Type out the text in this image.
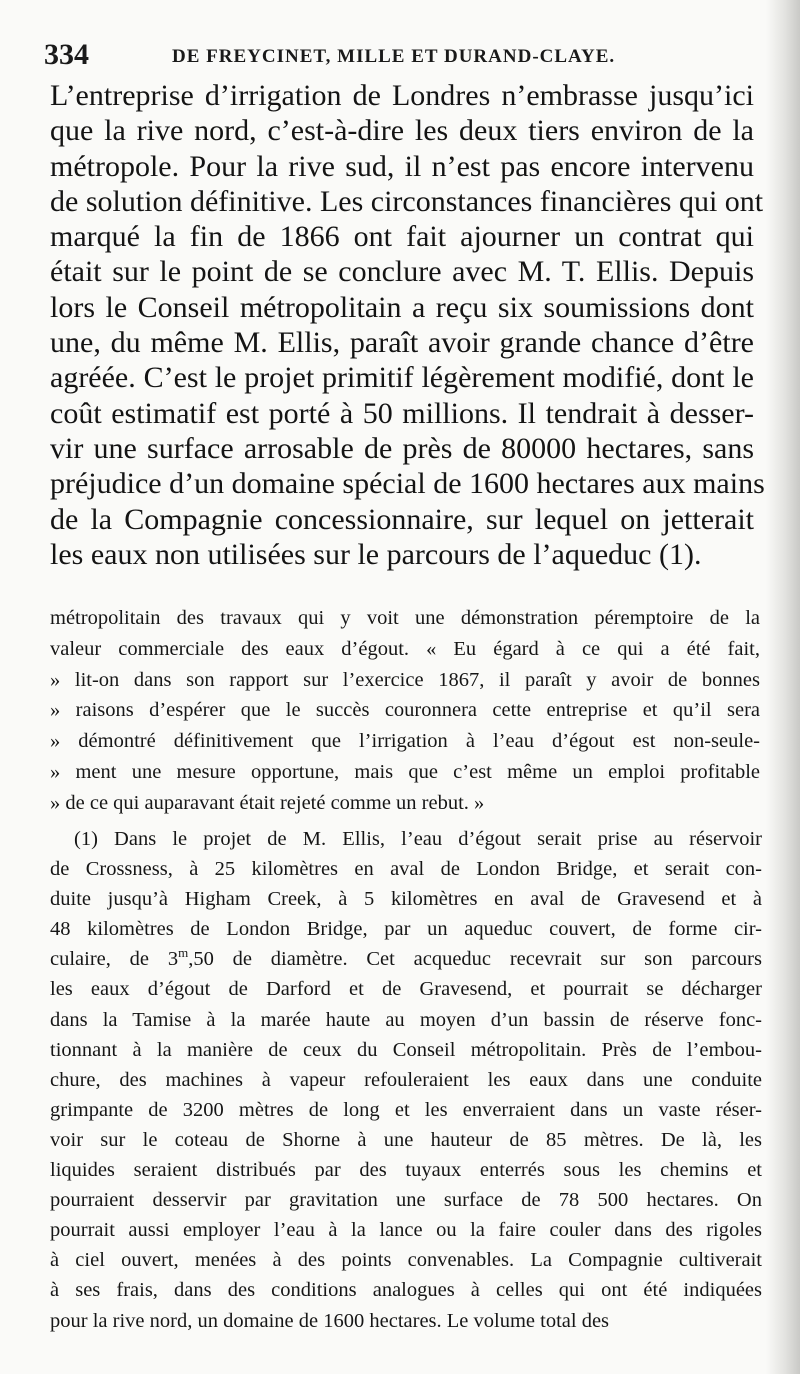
334	DE FREYCINET, MILLE ET DURAND-CLAYE.
L’entreprise d’irrigation de Londres n’embrasse jusqu’ici
que la rive nord, c’est-à-dire les deux tiers environ de la
métropole. Pour la rive sud, il n’est pas encore intervenu
de solution définitive. Les circonstances financières qui ont
marqué la fin de 1866 ont fait ajourner un contrat qui
était sur le point de se conclure avec M. T. Ellis. Depuis
lors le Conseil métropolitain a reçu six soumissions dont
une, du même M. Ellis, paraît avoir grande chance d’être
agréée. C’est le projet primitif légèrement modifié, dont le
coût estimatif est porté à 50 millions. Il tendrait à desser-
vir une surface arrosable de près de 80000 hectares, sans
préjudice d’un domaine spécial de 1600 hectares aux mains
de la Compagnie concessionnaire, sur lequel on jetterait
les eaux non utilisées sur le parcours de l’aqueduc (1).
métropolitain des travaux qui y voit une démonstration péremptoire de la
valeur commerciale des eaux d’égout. « Eu égard à ce qui a été fait,
» lit-on dans son rapport sur l’exercice 1867, il paraît y avoir de bonnes
» raisons d’espérer que le succès couronnera cette entreprise et qu’il sera
» démontré définitivement que l’irrigation à l’eau d’égout est non-seule-
» ment une mesure opportune, mais que c’est même un emploi profitable
» de ce qui auparavant était rejeté comme un rebut. »
(1) Dans le projet de M. Ellis, l’eau d’égout serait prise au réservoir
de Crossness, à 25 kilomètres en aval de London Bridge, et serait con-
duite jusqu’à Higham Creek, à 5 kilomètres en aval de Gravesend et à
48 kilomètres de London Bridge, par un aqueduc couvert, de forme cir-
culaire, de 3$^m$,50 de diamètre. Cet acqueduc recevrait sur son parcours
les eaux d’égout de Darford et de Gravesend, et pourrait se décharger
dans la Tamise à la marée haute au moyen d’un bassin de réserve fonc-
tionnant à la manière de ceux du Conseil métropolitain. Près de l’embou-
chure, des machines à vapeur refouleraient les eaux dans une conduite
grimpante de 3200 mètres de long et les enverraient dans un vaste réser-
voir sur le coteau de Shorne à une hauteur de 85 mètres. De là, les
liquides seraient distribués par des tuyaux enterrés sous les chemins et
pourraient desservir par gravitation une surface de 78 500 hectares. On
pourrait aussi employer l’eau à la lance ou la faire couler dans des rigoles
à ciel ouvert, menées à des points convenables. La Compagnie cultiverait
à ses frais, dans des conditions analogues à celles qui ont été indiquées
pour la rive nord, un domaine de 1600 hectares. Le volume total des
